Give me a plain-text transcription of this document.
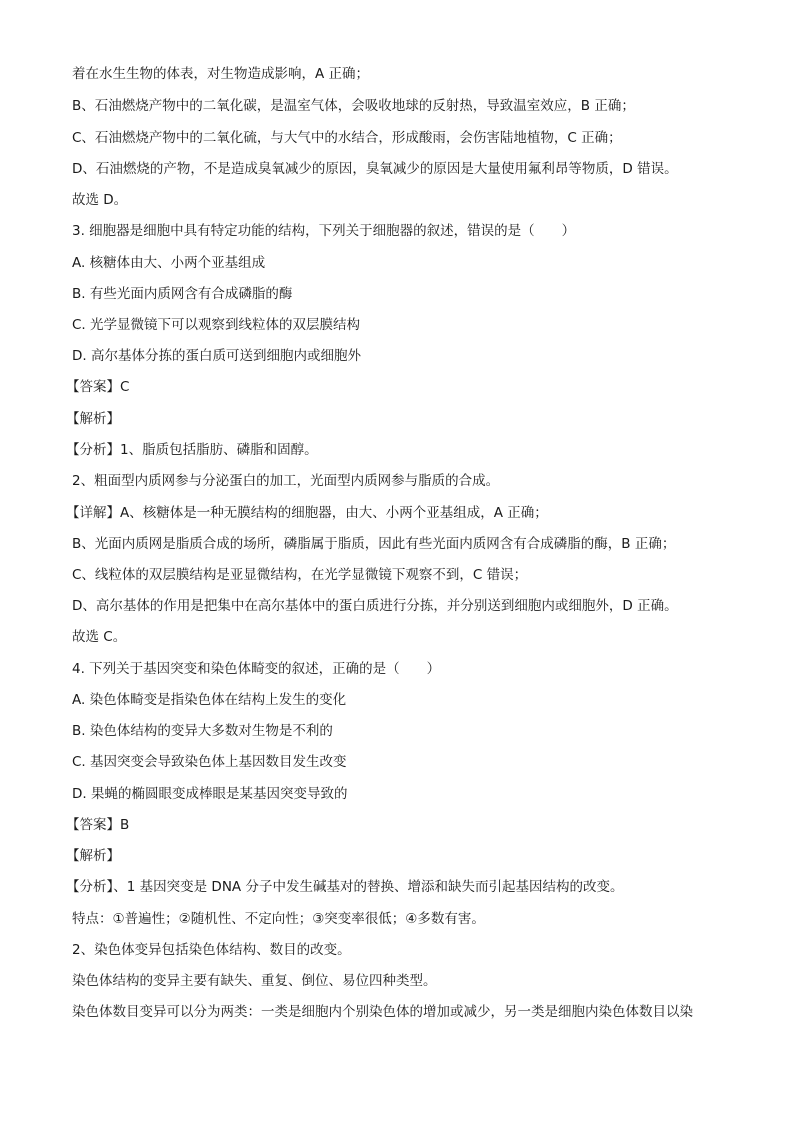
着在水生生物的体表，对生物造成影响，A 正确；
B、石油燃烧产物中的二氧化碳，是温室气体，会吸收地球的反射热，导致温室效应，B 正确；
C、石油燃烧产物中的二氧化硫，与大气中的水结合，形成酸雨，会伤害陆地植物，C 正确；
D、石油燃烧的产物，不是造成臭氧减少的原因，臭氧减少的原因是大量使用氟利昂等物质，D 错误。
故选 D。
3. 细胞器是细胞中具有特定功能的结构，下列关于细胞器的叙述，错误的是（　　）
A. 核糖体由大、小两个亚基组成
B. 有些光面内质网含有合成磷脂的酶
C. 光学显微镜下可以观察到线粒体的双层膜结构
D. 高尔基体分拣的蛋白质可送到细胞内或细胞外
【答案】C
【解析】
【分析】1、脂质包括脂肪、磷脂和固醇。
2、粗面型内质网参与分泌蛋白的加工，光面型内质网参与脂质的合成。
【详解】A、核糖体是一种无膜结构的细胞器，由大、小两个亚基组成，A 正确；
B、光面内质网是脂质合成的场所，磷脂属于脂质，因此有些光面内质网含有合成磷脂的酶，B 正确；
C、线粒体的双层膜结构是亚显微结构，在光学显微镜下观察不到，C 错误；
D、高尔基体的作用是把集中在高尔基体中的蛋白质进行分拣，并分别送到细胞内或细胞外，D 正确。
故选 C。
4. 下列关于基因突变和染色体畸变的叙述，正确的是（　　）
A. 染色体畸变是指染色体在结构上发生的变化
B. 染色体结构的变异大多数对生物是不利的
C. 基因突变会导致染色体上基因数目发生改变
D. 果蝇的椭圆眼变成棒眼是某基因突变导致的
【答案】B
【解析】
【分析】、1 基因突变是 DNA 分子中发生碱基对的替换、增添和缺失而引起基因结构的改变。
特点：①普遍性；②随机性、不定向性；③突变率很低；④多数有害。
2、染色体变异包括染色体结构、数目的改变。
染色体结构的变异主要有缺失、重复、倒位、易位四种类型。
染色体数目变异可以分为两类：一类是细胞内个别染色体的增加或减少，另一类是细胞内染色体数目以染
